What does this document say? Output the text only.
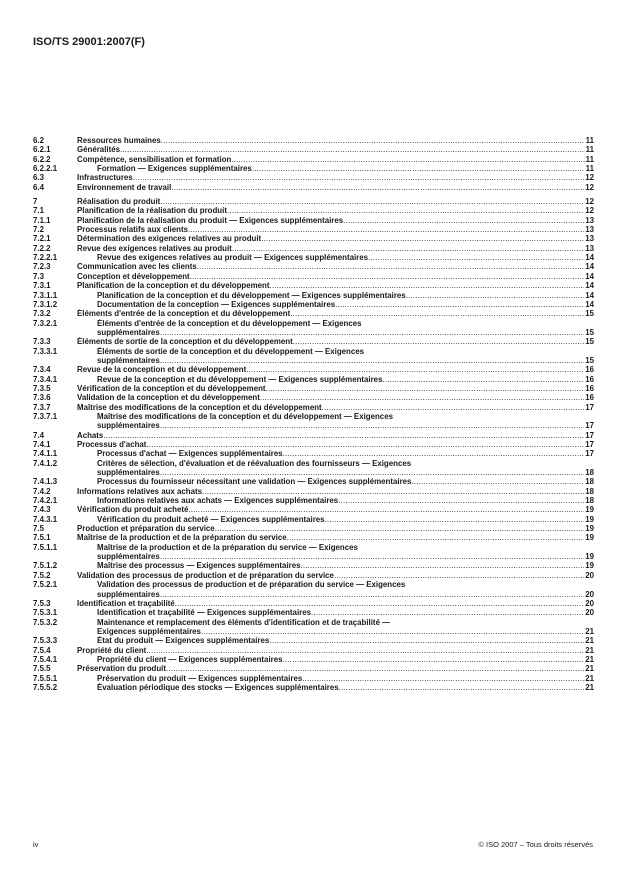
ISO/TS 29001:2007(F)
6.2	Ressources humaines .....	11
6.2.1	Généralités .....	11
6.2.2	Compétence, sensibilisation et formation .....	11
6.2.2.1	Formation — Exigences supplémentaires .....	11
6.3	Infrastructures .....	12
6.4	Environnement de travail .....	12
7	Réalisation du produit .....	12
7.1	Planification de la réalisation du produit .....	12
7.1.1	Planification de la réalisation du produit — Exigences supplémentaires .....	13
7.2	Processus relatifs aux clients .....	13
7.2.1	Détermination des exigences relatives au produit .....	13
7.2.2	Revue des exigences relatives au produit .....	13
7.2.2.1	Revue des exigences relatives au produit — Exigences supplémentaires .....	14
7.2.3	Communication avec les clients .....	14
7.3	Conception et développement .....	14
7.3.1	Planification de la conception et du développement .....	14
7.3.1.1	Planification de la conception et du développement — Exigences supplémentaires .....	14
7.3.1.2	Documentation de la conception — Exigences supplémentaires .....	14
7.3.2	Éléments d'entrée de la conception et du développement .....	15
7.3.2.1	Éléments d'entrée de la conception et du développement — Exigences
supplémentaires .....	15
7.3.3	Éléments de sortie de la conception et du développement .....	15
7.3.3.1	Éléments de sortie de la conception et du développement — Exigences
supplémentaires .....	15
7.3.4	Revue de la conception et du développement .....	16
7.3.4.1	Revue de la conception et du développement — Exigences supplémentaires .....	16
7.3.5	Vérification de la conception et du développement .....	16
7.3.6	Validation de la conception et du développement .....	16
7.3.7	Maîtrise des modifications de la conception et du développement .....	17
7.3.7.1	Maîtrise des modifications de la conception et du développement — Exigences
supplémentaires .....	17
7.4	Achats .....	17
7.4.1	Processus d'achat .....	17
7.4.1.1	Processus d'achat — Exigences supplémentaires .....	17
7.4.1.2	Critères de sélection, d'évaluation et de réévaluation des fournisseurs — Exigences
supplémentaires .....	18
7.4.1.3	Processus du fournisseur nécessitant une validation — Exigences supplémentaires .....	18
7.4.2	Informations relatives aux achats .....	18
7.4.2.1	Informations relatives aux achats — Exigences supplémentaires .....	18
7.4.3	Vérification du produit acheté .....	19
7.4.3.1	Vérification du produit acheté — Exigences supplémentaires .....	19
7.5	Production et préparation du service .....	19
7.5.1	Maîtrise de la production et de la préparation du service .....	19
7.5.1.1	Maîtrise de la production et de la préparation du service — Exigences
supplémentaires .....	19
7.5.1.2	Maîtrise des processus — Exigences supplémentaires .....	19
7.5.2	Validation des processus de production et de préparation du service .....	20
7.5.2.1	Validation des processus de production et de préparation du service — Exigences
supplémentaires .....	20
7.5.3	Identification et traçabilité .....	20
7.5.3.1	Identification et traçabilité — Exigences supplémentaires .....	20
7.5.3.2	Maintenance et remplacement des éléments d'identification et de traçabilité —
Exigences supplémentaires .....	21
7.5.3.3	État du produit — Exigences supplémentaires .....	21
7.5.4	Propriété du client .....	21
7.5.4.1	Propriété du client — Exigences supplémentaires .....	21
7.5.5	Préservation du produit .....	21
7.5.5.1	Préservation du produit — Exigences supplémentaires .....	21
7.5.5.2	Évaluation périodique des stocks — Exigences supplémentaires .....	21
iv	© ISO 2007 – Tous droits réservés
